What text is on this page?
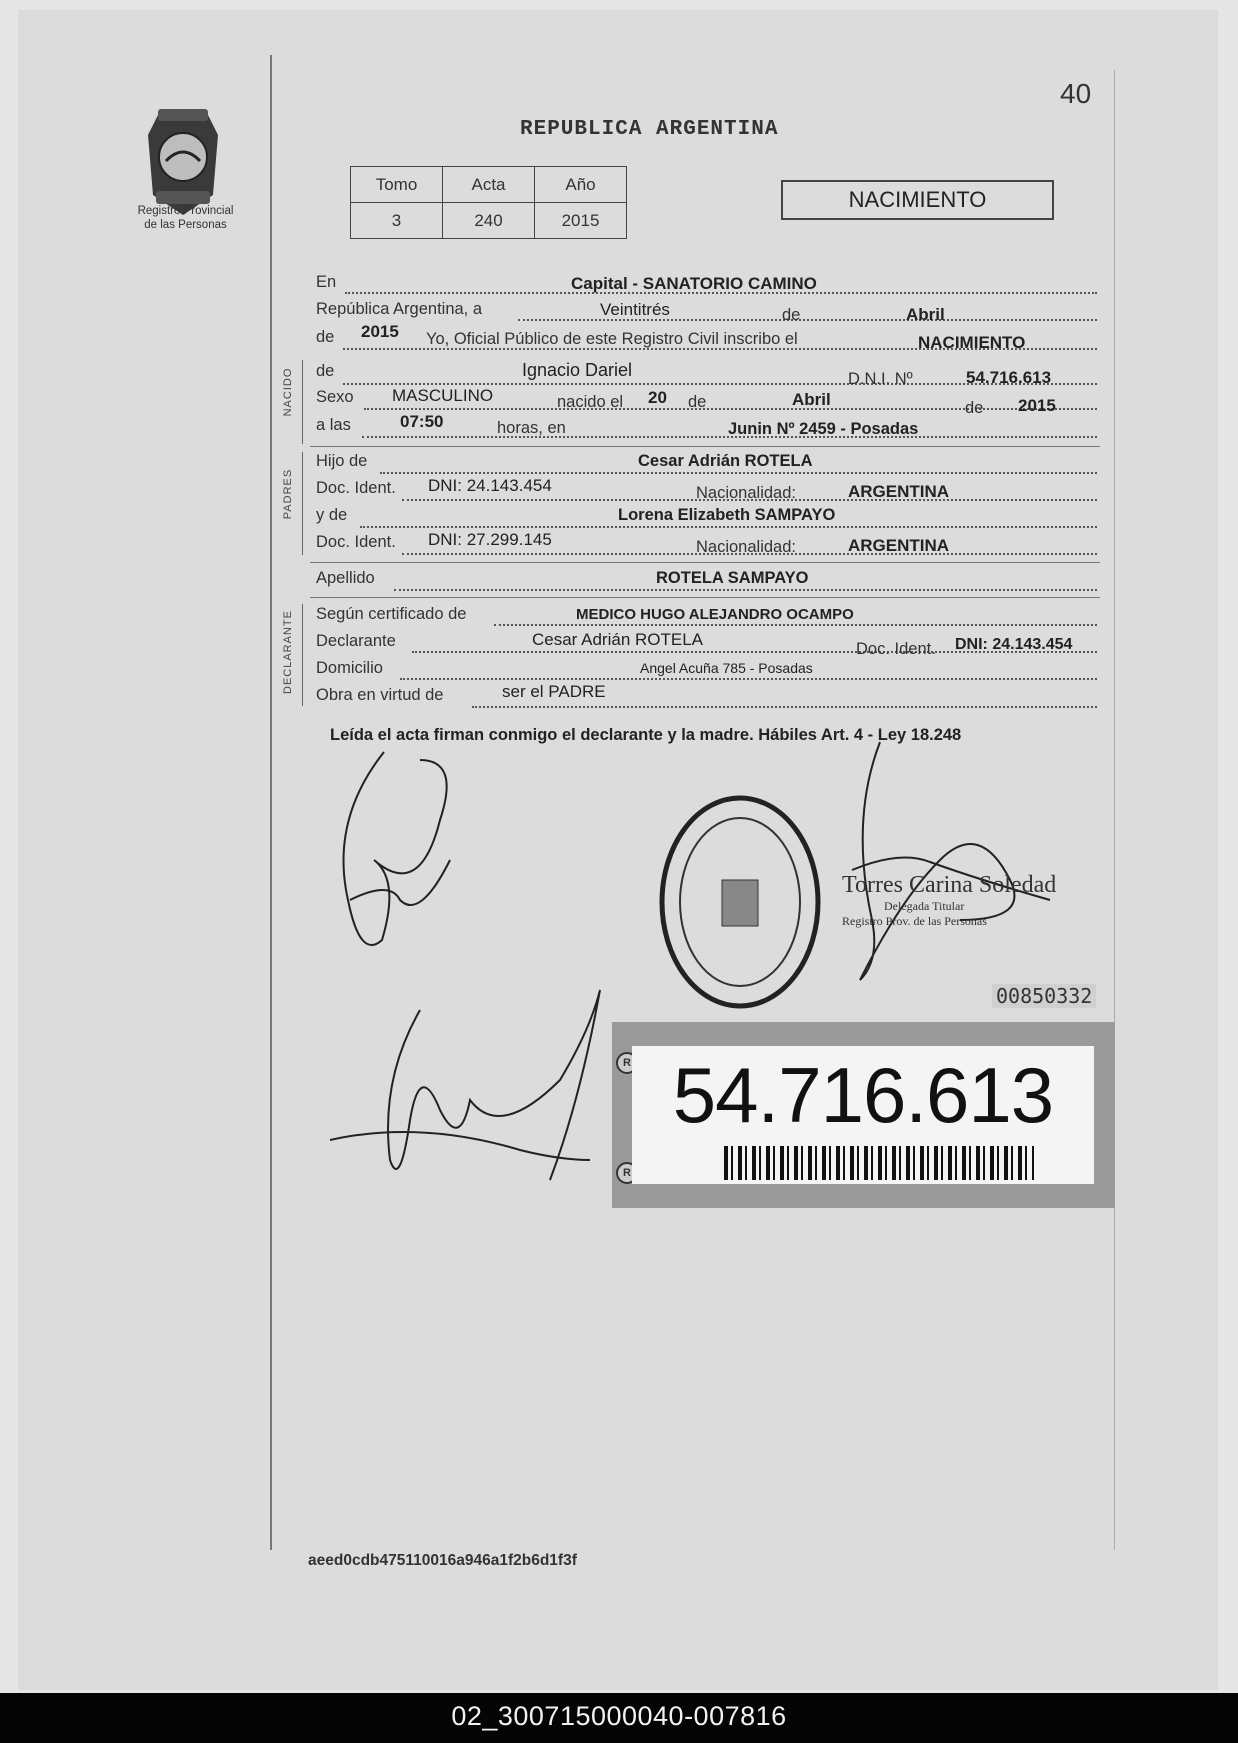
Registro Provincial
de las Personas
40
REPUBLICA ARGENTINA
Tomo	Acta	Año
3	240	2015
NACIMIENTO
En	Capital - SANATORIO CAMINO
República Argentina, a	Veintitrés	de	Abril
de 2015 Yo, Oficial Público de este Registro Civil inscribo el	NACIMIENTO
NACIDO de	Ignacio Dariel	D.N.I. Nº	54.716.613
Sexo MASCULINO	nacido el 20 de	Abril	de 2015
a las	07:50	horas, en	Junin Nº 2459 - Posadas
PADRES
Hijo de	Cesar Adrián ROTELA
Doc. Ident. DNI: 24.143.454	Nacionalidad:	ARGENTINA
y de	Lorena Elizabeth SAMPAYO
Doc. Ident. DNI: 27.299.145	Nacionalidad:	ARGENTINA
Apellido	ROTELA SAMPAYO
DECLARANTE Según certificado de	MEDICO HUGO ALEJANDRO OCAMPO
Declarante	Cesar Adrián ROTELA	Doc. Ident. DNI: 24.143.454
Domicilio	Angel Acuña 785 - Posadas
Obra en virtud de	ser el PADRE
Leída el acta firman conmigo el declarante y la madre. Hábiles Art. 4 - Ley 18.248
Torres Carina Soledad
Delegada Titular
Registro Prov. de las Personas
00850332
R
R
54.716.613
aeed0cdb475110016a946a1f2b6d1f3f
02_300715000040-007816
